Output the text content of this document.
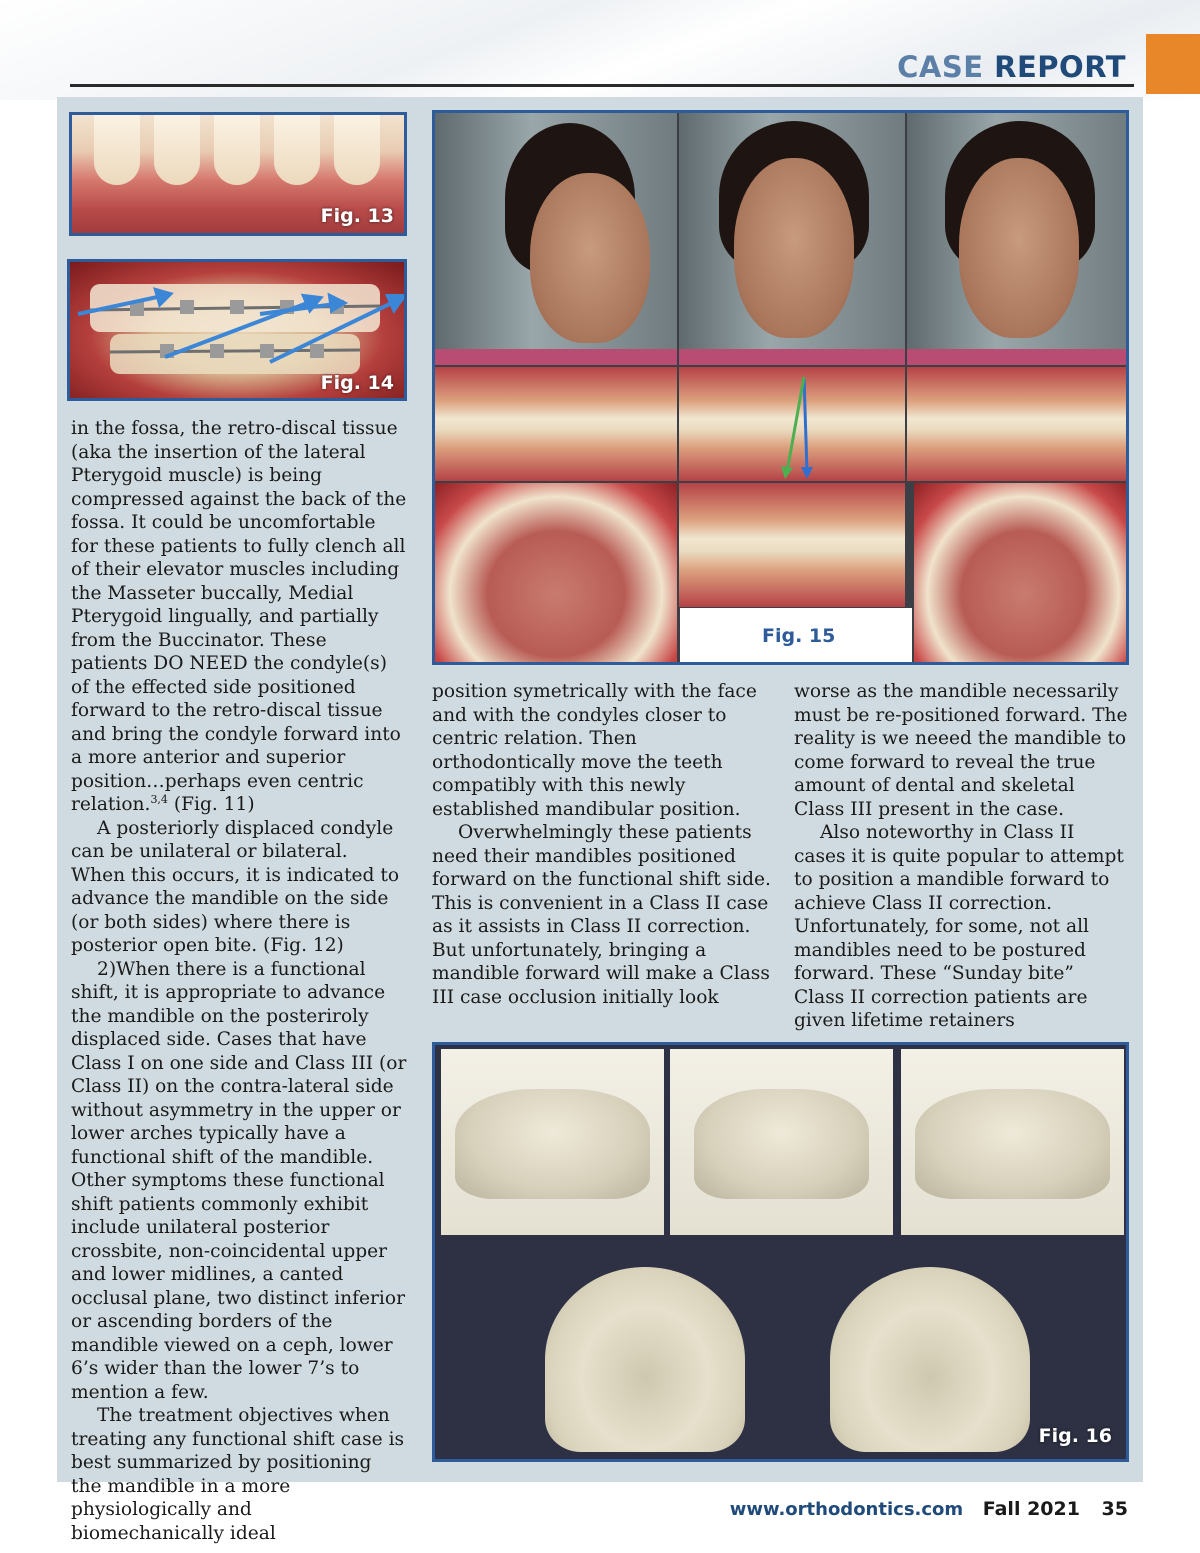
CASE REPORT
Fig. 13
Fig. 14
Fig. 15

in the fossa, the retro-discal tissue (aka the insertion of the lateral Pterygoid muscle) is being compressed against the back of the fossa. It could be uncomfortable for these patients to fully clench all of their elevator muscles including the Masseter buccally, Medial Pterygoid lingually, and partially from the Buccinator. These patients DO NEED the condyle(s) of the effected side positioned forward to the retro-discal tissue and bring the condyle forward into a more anterior and superior position…perhaps even centric relation.$^{3,4}$ (Fig. 11)

A posteriorly displaced condyle can be unilateral or bilateral. When this occurs, it is indicated to advance the mandible on the side (or both sides) where there is posterior open bite. (Fig. 12)

2)When there is a functional shift, it is appropriate to advance the mandible on the posteriroly displaced side. Cases that have Class I on one side and Class III (or Class II) on the contra-lateral side without asymmetry in the upper or lower arches typically have a functional shift of the mandible. Other symptoms these functional shift patients commonly exhibit include unilateral posterior crossbite, non-coincidental upper and lower midlines, a canted occlusal plane, two distinct inferior or ascending borders of the mandible viewed on a ceph, lower 6’s wider than the lower 7’s to mention a few.

The treatment objectives when treating any functional shift case is best summarized by positioning the mandible in a more physiologically and biomechanically ideal

position symetrically with the face and with the condyles closer to centric relation. Then orthodontically move the teeth compatibly with this newly established mandibular position.

Overwhelmingly these patients need their mandibles positioned forward on the functional shift side. This is convenient in a Class II case as it assists in Class II correction. But unfortunately, bringing a mandible forward will make a Class III case occlusion initially look

worse as the mandible necessarily must be re-positioned forward. The reality is we neeed the mandible to come forward to reveal the true amount of dental and skeletal Class III present in the case.

Also noteworthy in Class II cases it is quite popular to attempt to position a mandible forward to achieve Class II correction. Unfortunately, for some, not all mandibles need to be postured forward. These “Sunday bite” Class II correction patients are given lifetime retainers

Fig. 16
www.orthodontics.com Fall 2021 35
